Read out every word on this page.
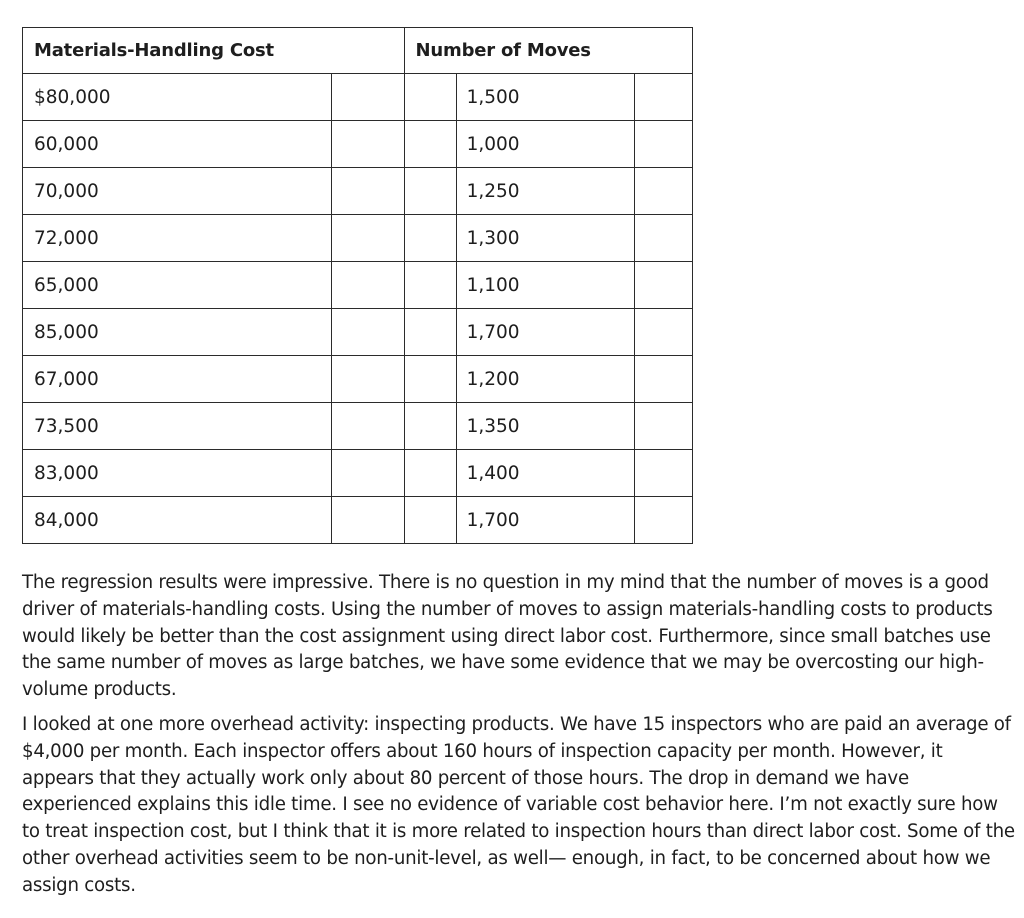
Materials-Handling Cost		Number of Moves		
$80,000			1,500	
60,000			1,000	
70,000			1,250	
72,000			1,300	
65,000			1,100	
85,000			1,700	
67,000			1,200	
73,500			1,350	
83,000			1,400	
84,000			1,700	

The regression results were impressive. There is no question in my mind that the number of moves is a good driver of materials-handling costs. Using the number of moves to assign materials-handling costs to products would likely be better than the cost assignment using direct labor cost. Furthermore, since small batches use the same number of moves as large batches, we have some evidence that we may be overcosting our high-volume products.

I looked at one more overhead activity: inspecting products. We have 15 inspectors who are paid an average of $4,000 per month. Each inspector offers about 160 hours of inspection capacity per month. However, it appears that they actually work only about 80 percent of those hours. The drop in demand we have experienced explains this idle time. I see no evidence of variable cost behavior here. I’m not exactly sure how to treat inspection cost, but I think that it is more related to inspection hours than direct labor cost. Some of the other overhead activities seem to be non-unit-level, as well— enough, in fact, to be concerned about how we assign costs.
